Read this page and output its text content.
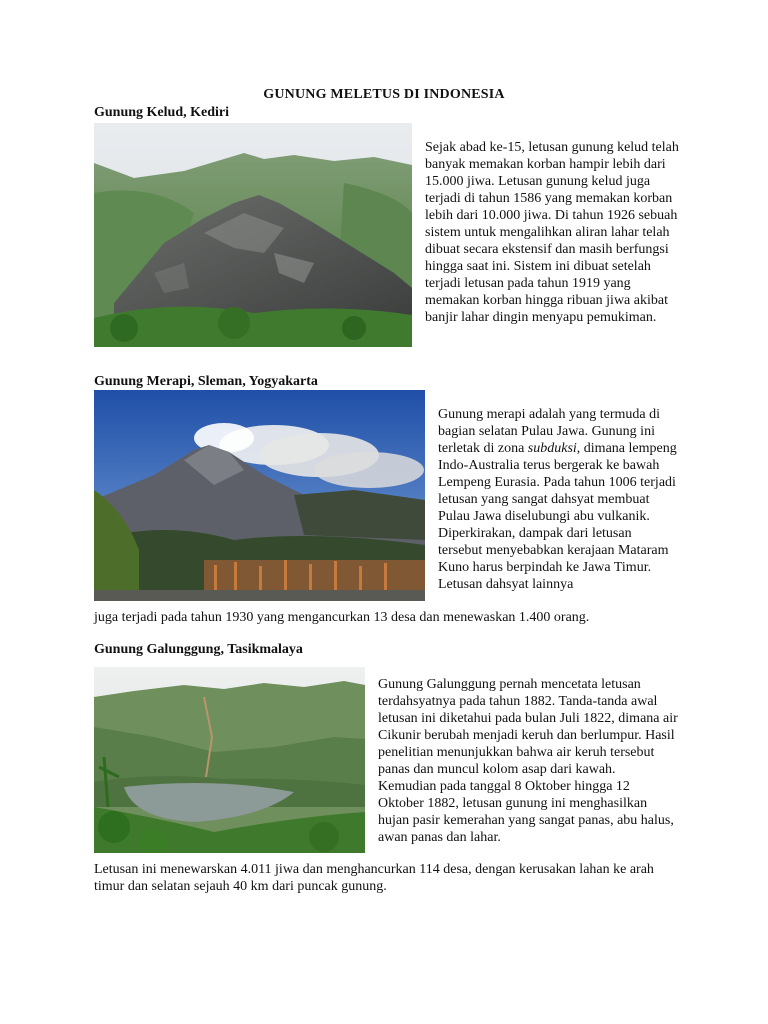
GUNUNG MELETUS DI INDONESIA
Gunung Kelud, Kediri

Sejak abad ke-15, letusan gunung kelud telah banyak memakan korban hampir lebih dari 15.000 jiwa. Letusan gunung kelud juga terjadi di tahun 1586 yang memakan korban lebih dari 10.000 jiwa. Di tahun 1926 sebuah sistem untuk mengalihkan aliran lahar telah dibuat secara ekstensif dan masih berfungsi hingga saat ini. Sistem ini dibuat setelah terjadi letusan pada tahun 1919 yang memakan korban hingga ribuan jiwa akibat banjir lahar dingin menyapu pemukiman.

Gunung Merapi, Sleman, Yogyakarta

Gunung merapi adalah yang termuda di bagian selatan Pulau Jawa. Gunung ini terletak di zona subduksi, dimana lempeng Indo-Australia terus bergerak ke bawah Lempeng Eurasia. Pada tahun 1006 terjadi letusan yang sangat dahsyat membuat Pulau Jawa diselubungi abu vulkanik. Diperkirakan, dampak dari letusan tersebut menyebabkan kerajaan Mataram Kuno harus berpindah ke Jawa Timur. Letusan dahsyat lainnya

juga terjadi pada tahun 1930 yang mengancurkan 13 desa dan menewaskan 1.400 orang.
Gunung Galunggung, Tasikmalaya

Gunung Galunggung pernah mencetata letusan terdahsyatnya pada tahun 1882. Tanda-tanda awal letusan ini diketahui pada bulan Juli 1822, dimana air Cikunir berubah menjadi keruh dan berlumpur. Hasil penelitian menunjukkan bahwa air keruh tersebut panas dan muncul kolom asap dari kawah.

Kemudian pada tanggal 8 Oktober hingga 12 Oktober 1882, letusan gunung ini menghasilkan hujan pasir kemerahan yang sangat panas, abu halus, awan panas dan lahar.

Letusan ini menewarskan 4.011 jiwa dan menghancurkan 114 desa, dengan kerusakan lahan ke arah timur dan selatan sejauh 40 km dari puncak gunung.
